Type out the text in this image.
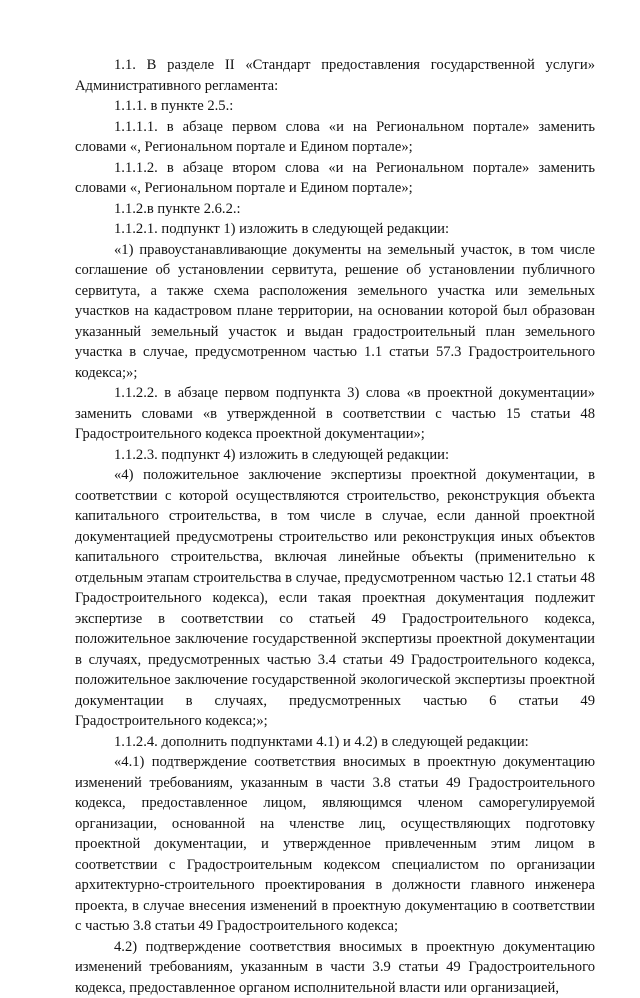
1.1. В разделе II «Стандарт предоставления государственной услуги» Административного регламента:

1.1.1. в пункте 2.5.:

1.1.1.1. в абзаце первом слова «и на Региональном портале» заменить словами «, Региональном портале и Едином портале»;

1.1.1.2. в абзаце втором слова «и на Региональном портале» заменить словами «, Региональном портале и Едином портале»;

1.1.2.в пункте 2.6.2.:

1.1.2.1. подпункт 1) изложить в следующей редакции:

«1) правоустанавливающие документы на земельный участок, в том числе соглашение об установлении сервитута, решение об установлении публичного сервитута, а также схема расположения земельного участка или земельных участков на кадастровом плане территории, на основании которой был образован указанный земельный участок и выдан градостроительный план земельного участка в случае, предусмотренном частью 1.1 статьи 57.3 Градостроительного кодекса;»;

1.1.2.2. в абзаце первом подпункта 3) слова «в проектной документации» заменить словами «в утвержденной в соответствии с частью 15 статьи 48 Градостроительного кодекса проектной документации»;

1.1.2.3. подпункт 4) изложить в следующей редакции:

«4) положительное заключение экспертизы проектной документации, в соответствии с которой осуществляются строительство, реконструкция объекта капитального строительства, в том числе в случае, если данной проектной документацией предусмотрены строительство или реконструкция иных объектов капитального строительства, включая линейные объекты (применительно к отдельным этапам строительства в случае, предусмотренном частью 12.1 статьи 48 Градостроительного кодекса), если такая проектная документация подлежит экспертизе в соответствии со статьей 49 Градостроительного кодекса, положительное заключение государственной экспертизы проектной документации в случаях, предусмотренных частью 3.4 статьи 49 Градостроительного кодекса, положительное заключение государственной экологической экспертизы проектной документации в случаях, предусмотренных частью 6 статьи 49 Градостроительного кодекса;»;

1.1.2.4. дополнить подпунктами 4.1) и 4.2) в следующей редакции:

«4.1) подтверждение соответствия вносимых в проектную документацию изменений требованиям, указанным в части 3.8 статьи 49 Градостроительного кодекса, предоставленное лицом, являющимся членом саморегулируемой организации, основанной на членстве лиц, осуществляющих подготовку проектной документации, и утвержденное привлеченным этим лицом в соответствии с Градостроительным кодексом специалистом по организации архитектурно-строительного проектирования в должности главного инженера проекта, в случае внесения изменений в проектную документацию в соответствии с частью 3.8 статьи 49 Градостроительного кодекса;

4.2) подтверждение соответствия вносимых в проектную документацию изменений требованиям, указанным в части 3.9 статьи 49 Градостроительного кодекса, предоставленное органом исполнительной власти или организацией,
